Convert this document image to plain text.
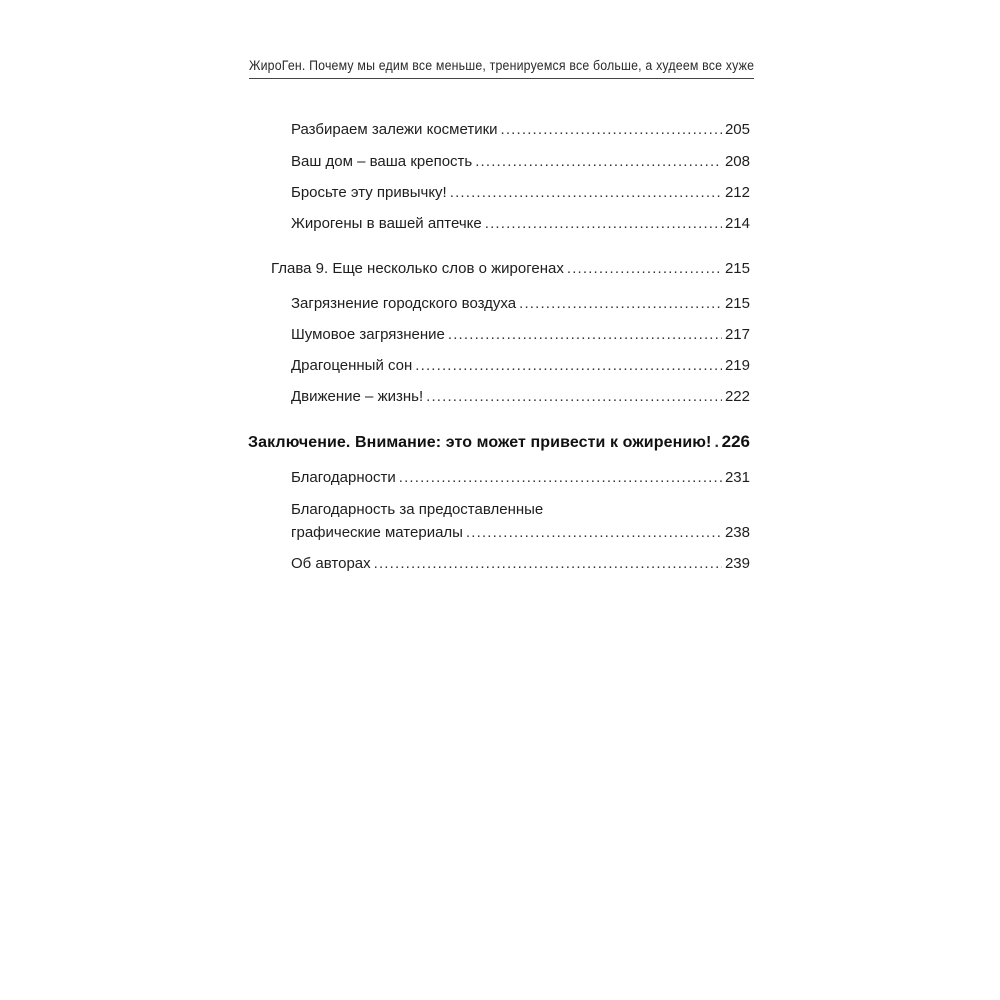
ЖироГен. Почему мы едим все меньше, тренируемся все больше, а худеем все хуже
Разбираем залежи косметики . . .	205
Ваш дом – ваша крепость . . .	208
Бросьте эту привычку! . . .	212
Жирогены в вашей аптечке . . .	214
Глава 9. Еще несколько слов о жирогенах . . .	215
Загрязнение городского воздуха . . .	215
Шумовое загрязнение . . .	217
Драгоценный сон . . .	219
Движение – жизнь! . . .	222
Заключение. Внимание: это может привести к ожирению! . . . 226
Благодарности . . .	231
Благодарность за предоставленные
графические материалы . . .	238
Об авторах . . .	239
